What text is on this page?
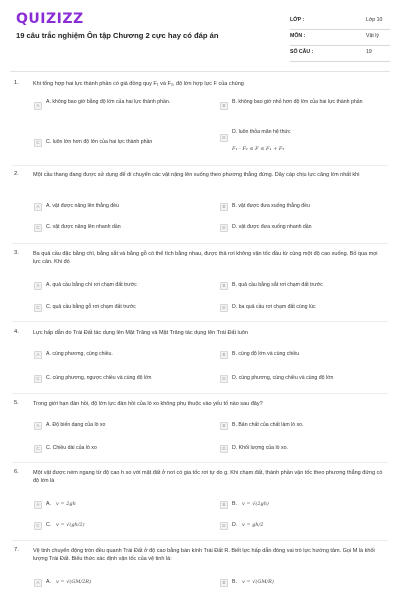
QUIZIZZ
19 câu trắc nghiệm Ôn tập Chương 2 cực hay có đáp án
LỚP :	Lớp 10
MÔN :	Vật lý
SỐ CÂU :	19
1.	Khi tổng hợp hai lực thành phần có giá đồng quy F₁ và F₂, độ lớn hợp lực F của chúng
A
A. không bao giờ bằng độ lớn của hai lực thành phần.
B
B. không bao giờ nhỏ hơn độ lớn của hai lực thành phần
C	C. luôn lớn hơn độ lớn của hai lực thành phần
D
D. luôn thỏa mãn hệ thức
F₁ - F₂ ≤ F ≤ F₁ + F₂
2.	Một cầu thang đang được sử dụng để di chuyển các vật nặng lên xuống theo phương thẳng đứng. Dây cáp chịu lực căng lớn nhất khi
A	A. vật được nâng lên thẳng đều	B	B. vật được đưa xuống thẳng đều
C	C. vật được nâng lên nhanh dần	D	D. vật được đưa xuống nhanh dần
3.	Ba quả cầu đặc bằng chì, bằng sắt và bằng gỗ có thể tích bằng nhau, được thả rơi không vận tốc đầu từ cùng một độ cao xuống. Bỏ qua mọi lực cản. Khi đó
A	A. quả cầu bằng chì rơi chạm đất trước	B	B. quả cầu bằng sắt rơi chạm đất trước
C	C. quả cầu bằng gỗ rơi chạm đất trước	D	D. ba quả cầu rơi chạm đất cùng lúc
4.	Lực hấp dẫn do Trái Đất tác dụng lên Mặt Trăng và Mặt Trăng tác dụng lên Trái Đất luôn
A	A. cùng phương, cùng chiều.	B	B. cùng độ lớn và cùng chiều
C	C. cùng phương, ngược chiều và cùng độ lớn	D	D. cùng phương, cùng chiều và cùng độ lớn
5.	Trong giới hạn đàn hồi, độ lớn lực đàn hồi của lò xo không phụ thuộc vào yếu tố nào sau đây?
A	A. Độ biến dạng của lò xo	B	B. Bản chất của chất làm lò xo.
C	C. Chiều dài của lò xo	D	D. Khối lượng của lò xo.
6.	Một vật được ném ngang từ độ cao h so với mặt đất ở nơi có gia tốc rơi tự do g. Khi chạm đất, thành phần vận tốc theo phương thẳng đứng có độ lớn là
A	A.	v = 2gh	B	B.	v = √(2gh)
C	C. v = √(gh/2)	D	D. v = gh/2
7.	Vệ tinh chuyển động tròn đều quanh Trái Đất ở độ cao bằng bán kính Trái Đất R. Biết lực hấp dẫn đóng vai trò lực hướng tâm. Gọi M là khối lượng Trái Đất. Biểu thức xác định vận tốc của vệ tinh là:
A	A.	v = √(GM/2R)	B	B.	v = √(GM/R)
